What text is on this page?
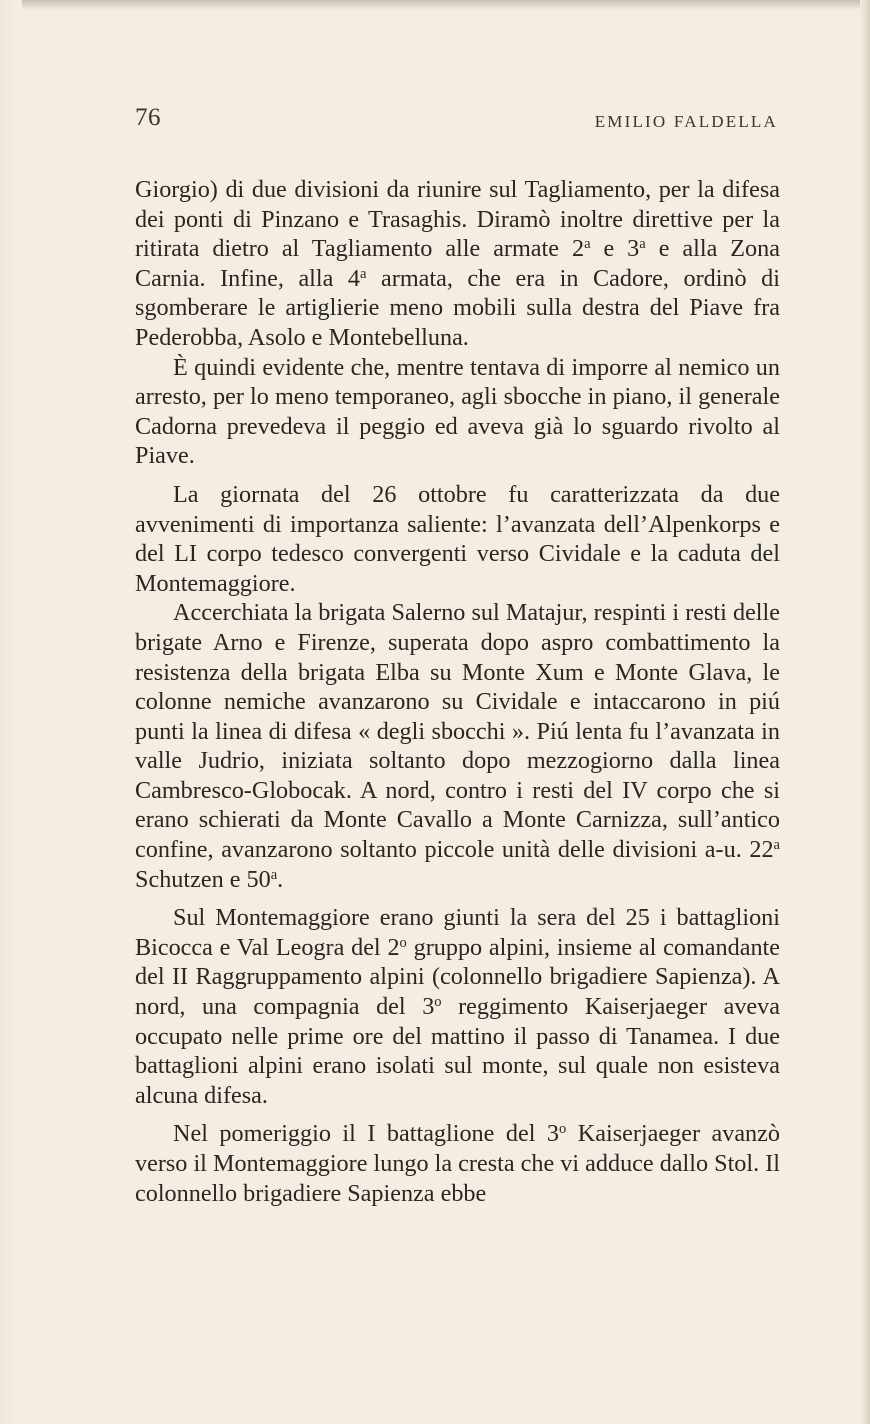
76	EMILIO FALDELLA

Giorgio) di due divisioni da riunire sul Tagliamento, per la difesa dei ponti di Pinzano e Trasaghis. Diramò inoltre direttive per la ritirata dietro al Tagliamento alle armate 2$^a$ e 3$^a$ e alla Zona Carnia. Infine, alla 4$^a$ armata, che era in Cadore, ordinò di sgomberare le artiglierie meno mobili sulla destra del Piave fra Pederobba, Asolo e Montebelluna.

È quindi evidente che, mentre tentava di imporre al nemico un arresto, per lo meno temporaneo, agli sbocche in piano, il generale Cadorna prevedeva il peggio ed aveva già lo sguardo rivolto al Piave.

La giornata del 26 ottobre fu caratterizzata da due avvenimenti di importanza saliente: l’avanzata dell’Alpenkorps e del LI corpo tedesco convergenti verso Cividale e la caduta del Montemaggiore.

Accerchiata la brigata Salerno sul Matajur, respinti i resti delle brigate Arno e Firenze, superata dopo aspro combattimento la resistenza della brigata Elba su Monte Xum e Monte Glava, le colonne nemiche avanzarono su Cividale e intaccarono in piú punti la linea di difesa « degli sbocchi ». Piú lenta fu l’avanzata in valle Judrio, iniziata soltanto dopo mezzogiorno dalla linea Cambresco-Globocak. A nord, contro i resti del IV corpo che si erano schierati da Monte Cavallo a Monte Carnizza, sull’antico confine, avanzarono soltanto piccole unità delle divisioni a-u. 22$^a$ Schutzen e 50$^a$.

Sul Montemaggiore erano giunti la sera del 25 i battaglioni Bicocca e Val Leogra del 2$^o$ gruppo alpini, insieme al comandante del II Raggruppamento alpini (colonnello brigadiere Sapienza). A nord, una compagnia del 3$^o$ reggimento Kaiserjaeger aveva occupato nelle prime ore del mattino il passo di Tanamea. I due battaglioni alpini erano isolati sul monte, sul quale non esisteva alcuna difesa.

Nel pomeriggio il I battaglione del 3$^o$ Kaiserjaeger avanzò verso il Montemaggiore lungo la cresta che vi adduce dallo Stol. Il colonnello brigadiere Sapienza ebbe
